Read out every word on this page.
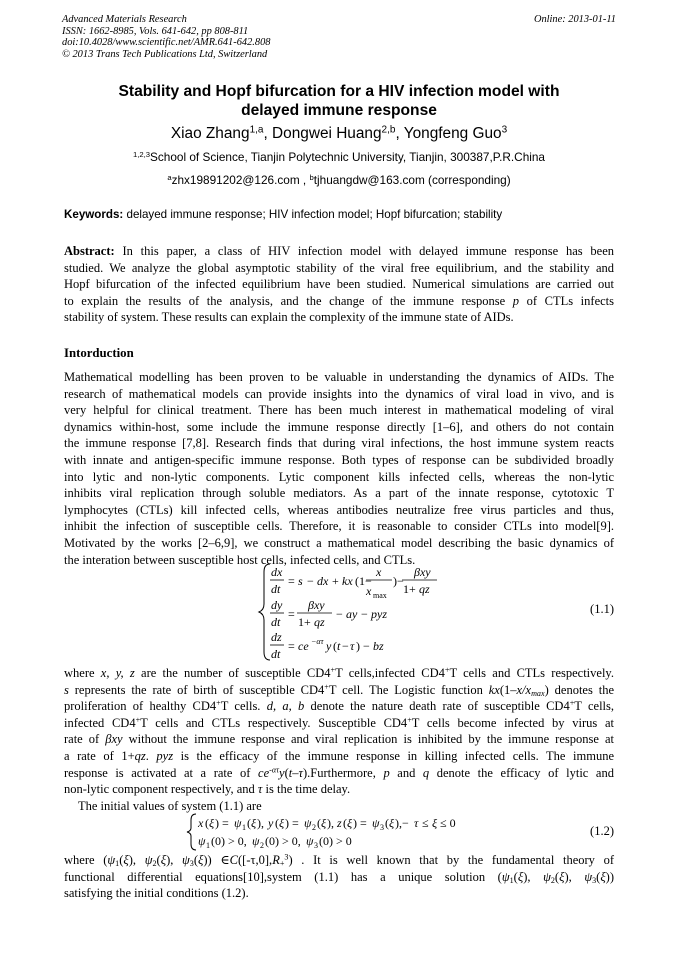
Advanced Materials Research
ISSN: 1662-8985, Vols. 641-642, pp 808-811
doi:10.4028/www.scientific.net/AMR.641-642.808
© 2013 Trans Tech Publications Ltd, Switzerland
Online: 2013-01-11
Stability and Hopf bifurcation for a HIV infection model with
delayed immune response
Xiao Zhang$^{1,a}$, Dongwei Huang$^{2,b}$, Yongfeng Guo$^3$
$^{1,2,3}$School of Science, Tianjin Polytechnic University, Tianjin, 300387,P.R.China
$^a$zhx19891202@126.com , $^b$tjhuangdw@163.com (corresponding)
Keywords: delayed immune response; HIV infection model; Hopf bifurcation; stability
Abstract: In this paper, a class of HIV infection model with delayed immune response has been
studied. We analyze the global asymptotic stability of the viral free equilibrium, and the stability and
Hopf bifurcation of the infected equilibrium have been studied. Numerical simulations are carried out
to explain the results of the analysis, and the change of the immune response p of CTLs infects
stability of system. These results can explain the complexity of the immune state of AIDs.
Intorduction
Mathematical modelling has been proven to be valuable in understanding the dynamics of AIDs. The
research of mathematical models can provide insights into the dynamics of viral load in vivo, and is
very helpful for clinical treatment. There has been much interest in mathematical modeling of viral
dynamics within-host, some include the immune response directly [1–6], and others do not contain
the immune response [7,8]. Research finds that during viral infections, the host immune system reacts
with innate and antigen-specific immune response. Both types of response can be subdivided broadly
into lytic and non-lytic components. Lytic component kills infected cells, whereas the non-lytic
inhibits viral replication through soluble mediators. As a part of the innate response, cytotoxic T
lymphocytes (CTLs) kill infected cells, whereas antibodies neutralize free virus particles and thus,
inhibit the infection of susceptible cells. Therefore, it is reasonable to consider CTLs into model[9].
Motivated by the works [2–6,9], we construct a mathematical model describing the basic dynamics of
the interation between susceptible host cells, infected cells, and CTLs.
dx
dt
= s − dx + kx (1−
x
x max
)−
βxy
1+ qz
dy
dt
=
βxy
1+ qz
− ay − pyz
dz
dt
= ce −ατ y ( t − τ ) − bz
(1.1)
where x, y, z are the number of susceptible CD4+T cells,infected CD4+T cells and CTLs respectively.
s represents the rate of birth of susceptible CD4+T cell. The Logistic function $kx(1-x/x_{max})$ denotes the
proliferation of healthy CD4+T cells. d, a, b denote the nature death rate of susceptible CD4+T cells,
infected CD4+T cells and CTLs respectively. Susceptible CD4+T cells become infected by virus at
rate of βxy without the immune response and viral replication is inhibited by the immune response at
a rate of 1+qz. pyz is the efficacy of the immune response in killing infected cells. The immune
response is activated at a rate of $ce^{-\alpha\tau}y(t-\tau).Furthermore$, p and q denote the efficacy of lytic and
non-lytic component respectively, and τ is the time delay.
The initial values of system (1.1) are
x ( ξ ) = ψ 1 ( ξ ), y ( ξ ) = ψ 2 ( ξ ), z ( ξ ) = ψ 3 ( ξ ),− τ ≤ ξ ≤ 0
ψ 1 (0) > 0, ψ 2 (0) > 0, ψ 3 (0) > 0
(1.2)
where ($\psi_1(\xi)$, $\psi_2(\xi)$, $\psi_3(\xi)$) $\in C([-\tau,0],R_+^3)$ . It is well known that by the fundamental theory of
functional differential equations[10],system (1.1) has a unique solution ($\psi_1(\xi)$, $\psi_2(\xi)$, $\psi_3(\xi)$)
satisfying the initial conditions (1.2).
